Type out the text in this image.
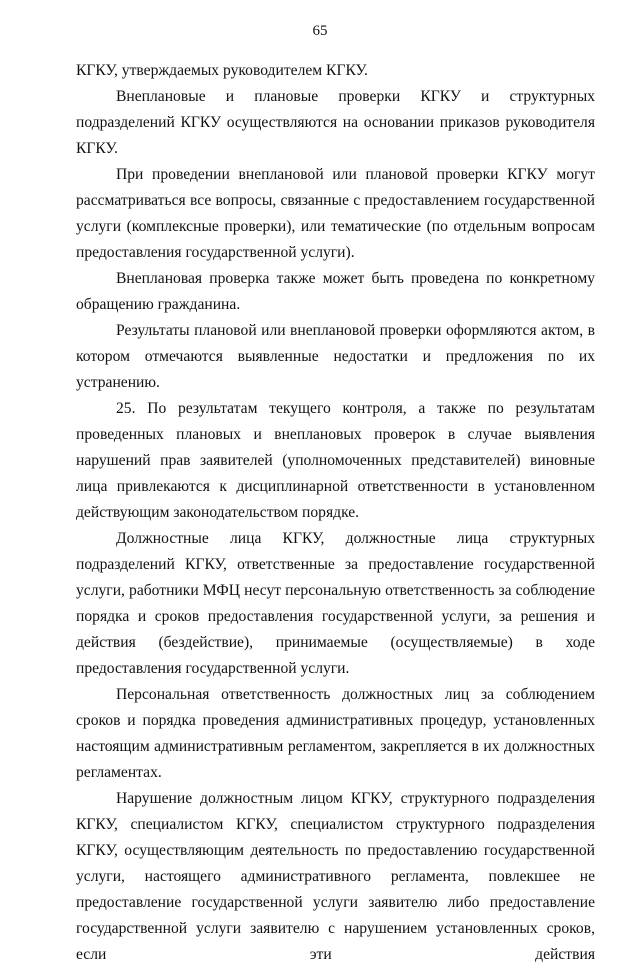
65

КГКУ, утверждаемых руководителем КГКУ.

Внеплановые и плановые проверки КГКУ и структурных подразделений КГКУ осуществляются на основании приказов руководителя КГКУ.

При проведении внеплановой или плановой проверки КГКУ могут рассматриваться все вопросы, связанные с предоставлением государственной услуги (комплексные проверки), или тематические (по отдельным вопросам предоставления государственной услуги).

Внеплановая проверка также может быть проведена по конкретному обращению гражданина.

Результаты плановой или внеплановой проверки оформляются актом, в котором отмечаются выявленные недостатки и предложения по их устранению.

25. По результатам текущего контроля, а также по результатам проведенных плановых и внеплановых проверок в случае выявления нарушений прав заявителей (уполномоченных представителей) виновные лица привлекаются к дисциплинарной ответственности в установленном действующим законодательством порядке.

Должностные лица КГКУ, должностные лица структурных подразделений КГКУ, ответственные за предоставление государственной услуги, работники МФЦ несут персональную ответственность за соблюдение порядка и сроков предоставления государственной услуги, за решения и действия (бездействие), принимаемые (осуществляемые) в ходе предоставления государственной услуги.

Персональная ответственность должностных лиц за соблюдением сроков и порядка проведения административных процедур, установленных настоящим административным регламентом, закрепляется в их должностных регламентах.

Нарушение должностным лицом КГКУ, структурного подразделения КГКУ, специалистом КГКУ, специалистом структурного подразделения КГКУ, осуществляющим деятельность по предоставлению государственной услуги, настоящего административного регламента, повлекшее не предоставление государственной услуги заявителю либо предоставление государственной услуги заявителю с нарушением установленных сроков, если эти действия
